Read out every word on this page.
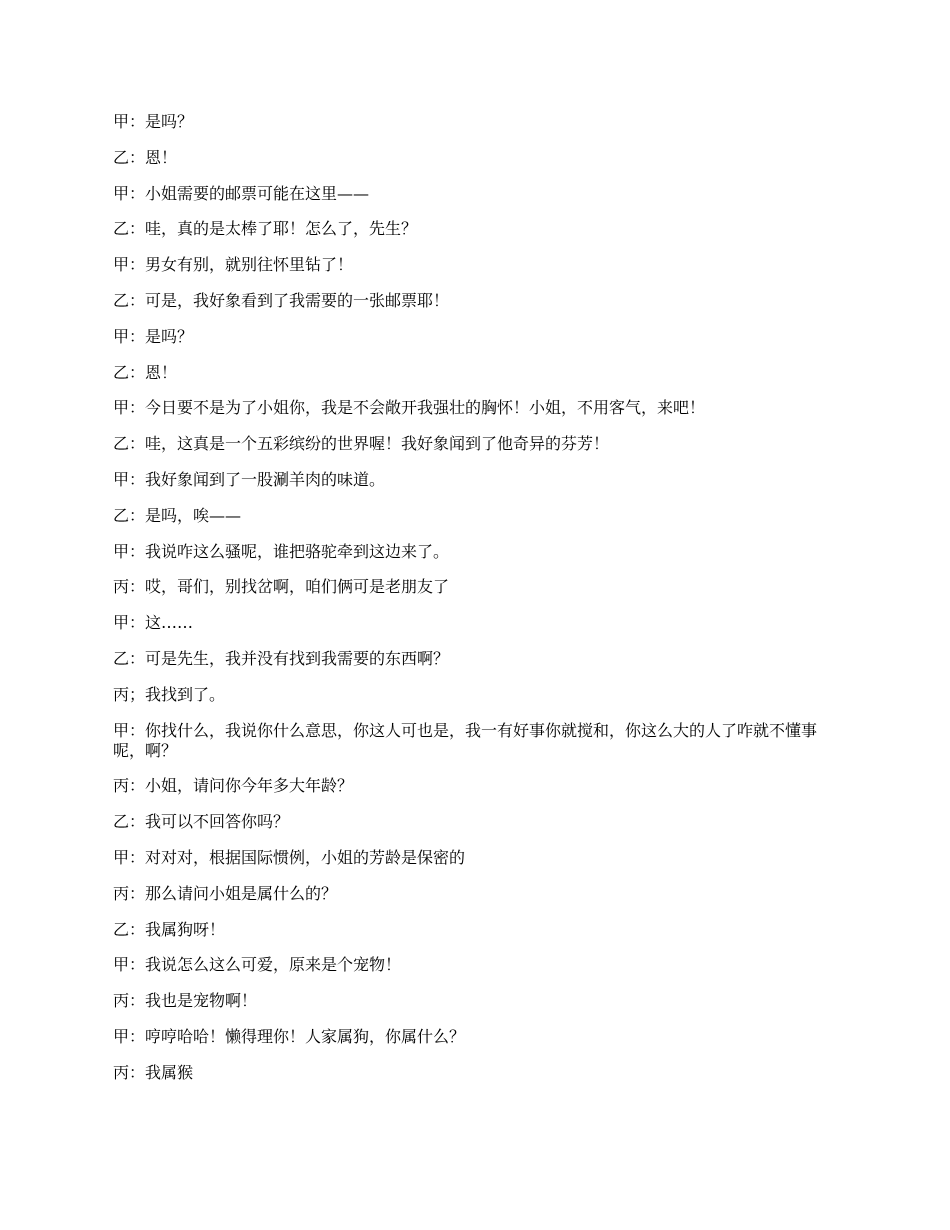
甲：是吗？

乙：恩！

甲：小姐需要的邮票可能在这里——

乙：哇，真的是太棒了耶！怎么了，先生？

甲：男女有别，就别往怀里钻了！

乙：可是，我好象看到了我需要的一张邮票耶！

甲：是吗？

乙：恩！

甲：今日要不是为了小姐你，我是不会敞开我强壮的胸怀！小姐，不用客气，来吧！

乙：哇，这真是一个五彩缤纷的世界喔！我好象闻到了他奇异的芬芳！

甲：我好象闻到了一股涮羊肉的味道。

乙：是吗，唉——

甲：我说咋这么骚呢，谁把骆驼牵到这边来了。

丙：哎，哥们，别找岔啊，咱们俩可是老朋友了

甲：这……

乙：可是先生，我并没有找到我需要的东西啊？

丙；我找到了。

甲：你找什么，我说你什么意思，你这人可也是，我一有好事你就搅和，你这么大的人了咋就不懂事呢，啊？

丙：小姐，请问你今年多大年龄？

乙：我可以不回答你吗？

甲：对对对，根据国际惯例，小姐的芳龄是保密的

丙：那么请问小姐是属什么的？

乙：我属狗呀！

甲：我说怎么这么可爱，原来是个宠物！

丙：我也是宠物啊！

甲：哼哼哈哈！懒得理你！人家属狗，你属什么？

丙：我属猴
